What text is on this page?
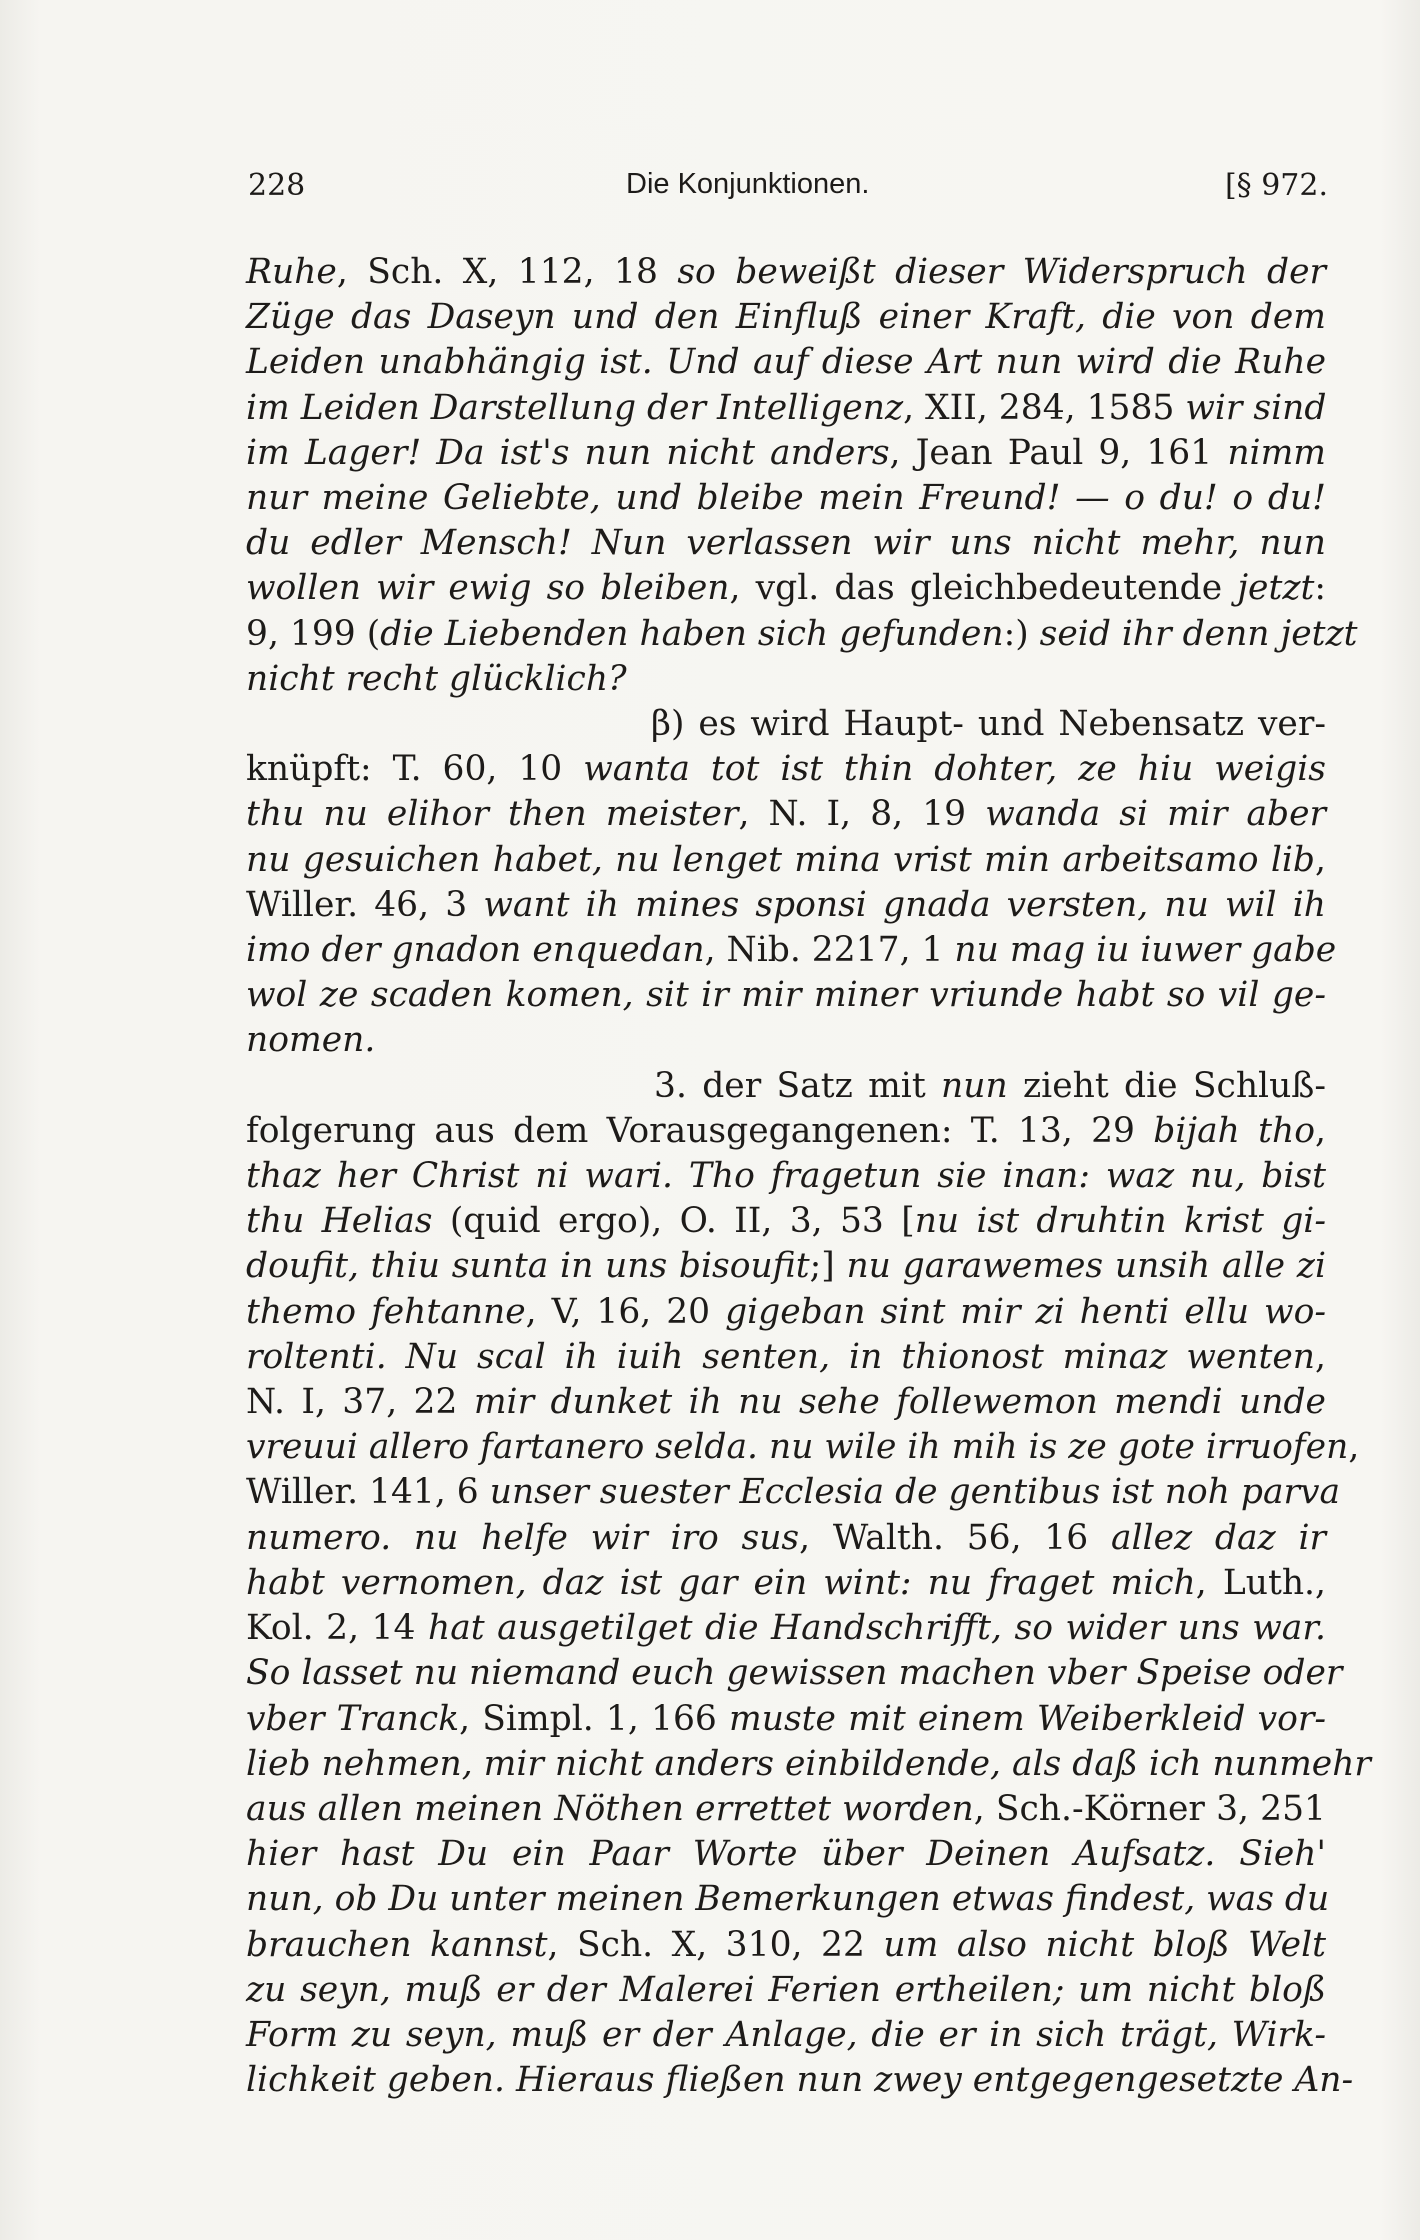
228	Die Konjunktionen.	[§ 972.
Ruhe, Sch. X, 112, 18 so beweißt dieser Widerspruch der
Züge das Daseyn und den Einfluß einer Kraft, die von dem
Leiden unabhängig ist. Und auf diese Art nun wird die Ruhe
im Leiden Darstellung der Intelligenz, XII, 284, 1585 wir sind
im Lager! Da ist's nun nicht anders, Jean Paul 9, 161 nimm
nur meine Geliebte, und bleibe mein Freund! — o du! o du!
du edler Mensch! Nun verlassen wir uns nicht mehr, nun
wollen wir ewig so bleiben, vgl. das gleichbedeutende jetzt:
9, 199 (die Liebenden haben sich gefunden:) seid ihr denn jetzt
nicht recht glücklich?
β) es wird Haupt- und Nebensatz ver-
knüpft: T. 60, 10 wanta tot ist thin dohter, ze hiu weigis
thu nu elihor then meister, N. I, 8, 19 wanda si mir aber
nu gesuichen habet, nu lenget mina vrist min arbeitsamo lib,
Willer. 46, 3 want ih mines sponsi gnada versten, nu wil ih
imo der gnadon enquedan, Nib. 2217, 1 nu mag iu iuwer gabe
wol ze scaden komen, sit ir mir miner vriunde habt so vil ge-
nomen.
3. der Satz mit nun zieht die Schluß-
folgerung aus dem Vorausgegangenen: T. 13, 29 bijah tho,
thaz her Christ ni wari. Tho fragetun sie inan: waz nu, bist
thu Helias (quid ergo), O. II, 3, 53 [nu ist druhtin krist gi-
doufit, thiu sunta in uns bisoufit;] nu garawemes unsih alle zi
themo fehtanne, V, 16, 20 gigeban sint mir zi henti ellu wo-
roltenti. Nu scal ih iuih senten, in thionost minaz wenten,
N. I, 37, 22 mir dunket ih nu sehe follewemon mendi unde
vreuui allero fartanero selda. nu wile ih mih is ze gote irruofen,
Willer. 141, 6 unser suester Ecclesia de gentibus ist noh parva
numero. nu helfe wir iro sus, Walth. 56, 16 allez daz ir
habt vernomen, daz ist gar ein wint: nu fraget mich, Luth.,
Kol. 2, 14 hat ausgetilget die Handschrifft, so wider uns war.
So lasset nu niemand euch gewissen machen vber Speise oder
vber Tranck, Simpl. 1, 166 muste mit einem Weiberkleid vor-
lieb nehmen, mir nicht anders einbildende, als daß ich nunmehr
aus allen meinen Nöthen errettet worden, Sch.-Körner 3, 251
hier hast Du ein Paar Worte über Deinen Aufsatz. Sieh'
nun, ob Du unter meinen Bemerkungen etwas findest, was du
brauchen kannst, Sch. X, 310, 22 um also nicht bloß Welt
zu seyn, muß er der Malerei Ferien ertheilen; um nicht bloß
Form zu seyn, muß er der Anlage, die er in sich trägt, Wirk-
lichkeit geben. Hieraus fließen nun zwey entgegengesetzte An-
